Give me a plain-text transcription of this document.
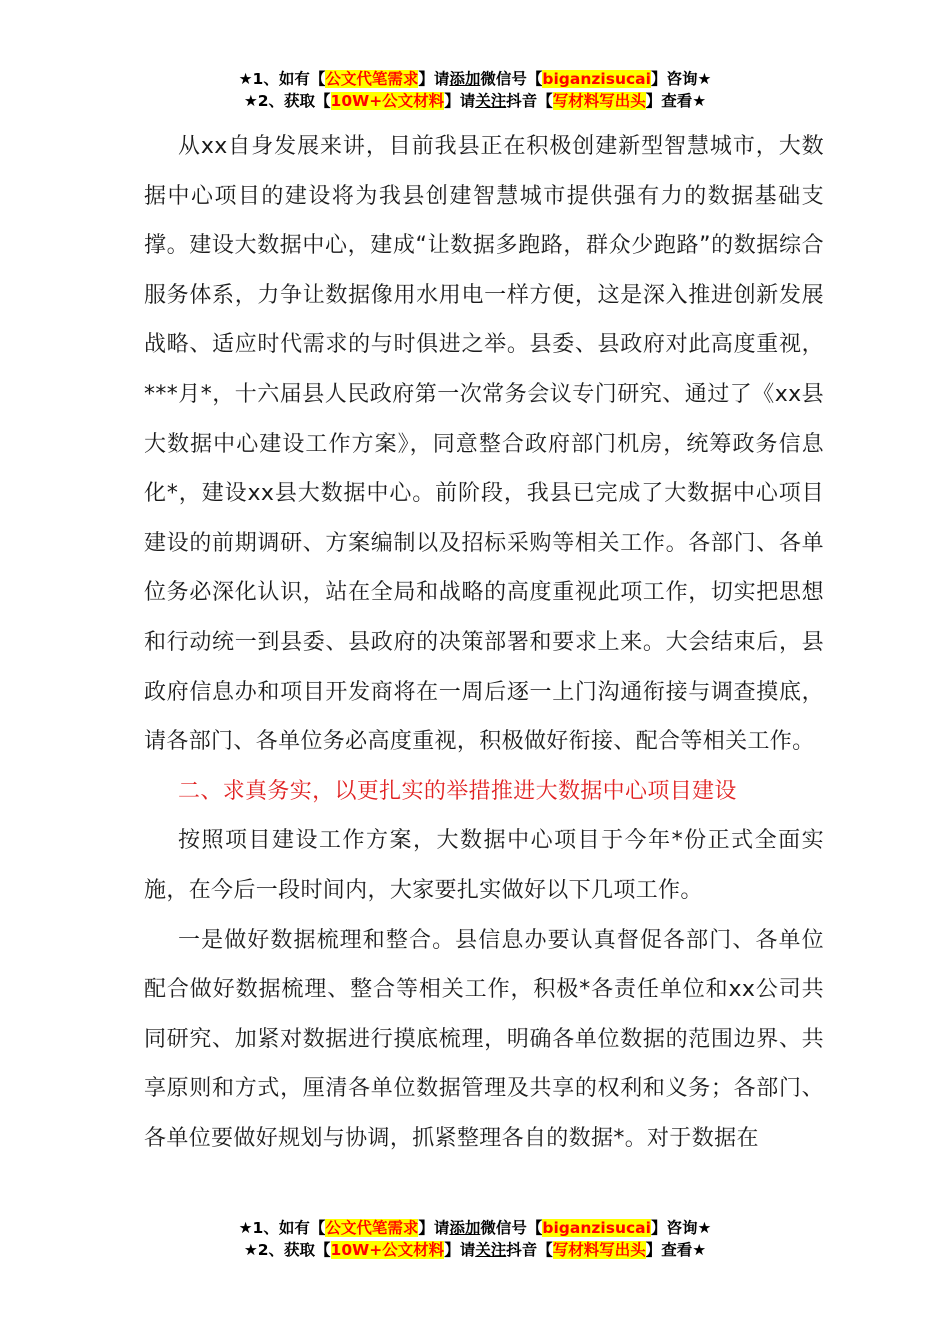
★1、如有【公文代笔需求】请添加微信号【biganzisucai】咨询★
★2、获取【10W+公文材料】请关注抖音【写材料写出头】查看★

从xx自身发展来讲，目前我县正在积极创建新型智慧城市，大数据中心项目的建设将为我县创建智慧城市提供强有力的数据基础支撑。建设大数据中心，建成“让数据多跑路，群众少跑路”的数据综合服务体系，力争让数据像用水用电一样方便，这是深入推进创新发展战略、适应时代需求的与时俱进之举。县委、县政府对此高度重视，***月*，十六届县人民政府第一次常务会议专门研究、通过了《xx县大数据中心建设工作方案》，同意整合政府部门机房，统筹政务信息化*，建设xx县大数据中心。前阶段，我县已完成了大数据中心项目建设的前期调研、方案编制以及招标采购等相关工作。各部门、各单位务必深化认识，站在全局和战略的高度重视此项工作，切实把思想和行动统一到县委、县政府的决策部署和要求上来。大会结束后，县政府信息办和项目开发商将在一周后逐一上门沟通衔接与调查摸底，请各部门、各单位务必高度重视，积极做好衔接、配合等相关工作。

二、求真务实，以更扎实的举措推进大数据中心项目建设

按照项目建设工作方案，大数据中心项目于今年*份正式全面实施，在今后一段时间内，大家要扎实做好以下几项工作。

一是做好数据梳理和整合。县信息办要认真督促各部门、各单位配合做好数据梳理、整合等相关工作，积极*各责任单位和xx公司共同研究、加紧对数据进行摸底梳理，明确各单位数据的范围边界、共享原则和方式，厘清各单位数据管理及共享的权利和义务；各部门、各单位要做好规划与协调，抓紧整理各自的数据*。对于数据在

★1、如有【公文代笔需求】请添加微信号【biganzisucai】咨询★
★2、获取【10W+公文材料】请关注抖音【写材料写出头】查看★
